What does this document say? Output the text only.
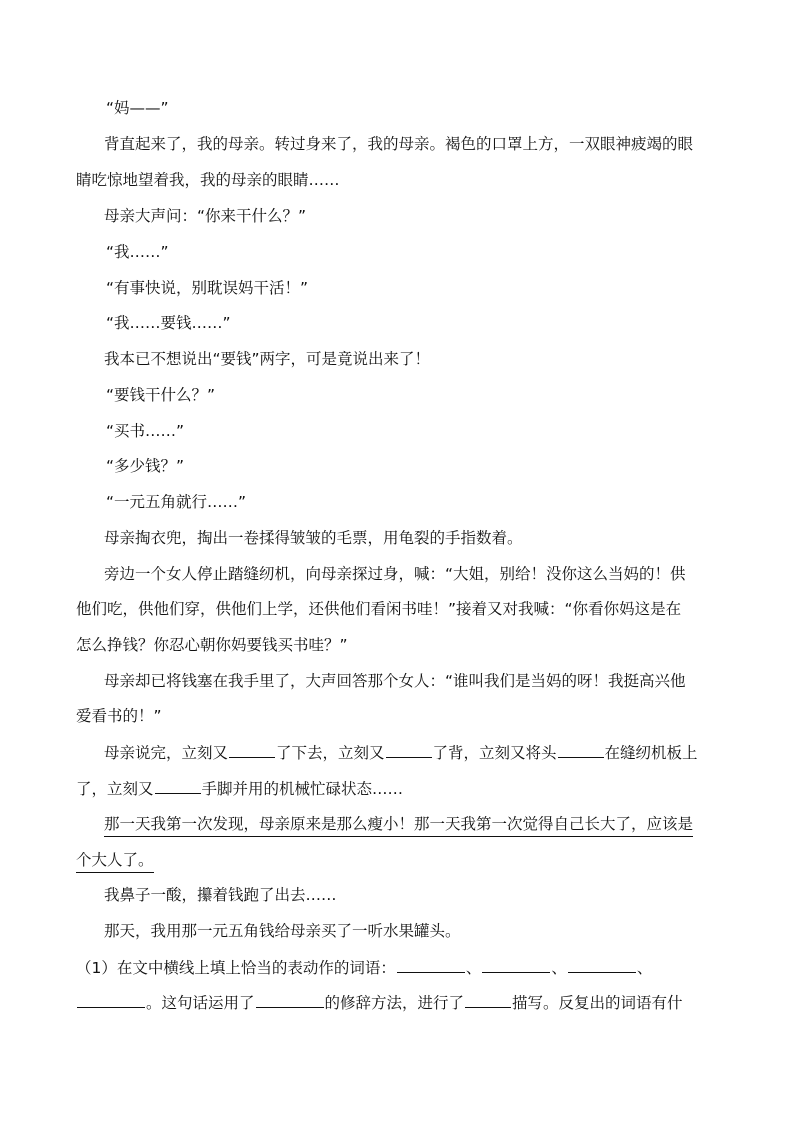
“妈——”
背直起来了，我的母亲。转过身来了，我的母亲。褐色的口罩上方，一双眼神疲竭的眼
睛吃惊地望着我，我的母亲的眼睛……
母亲大声问：“你来干什么？”
“我……”
“有事快说，别耽误妈干活！”
“我……要钱……”
我本已不想说出“要钱”两字，可是竟说出来了！
“要钱干什么？”
“买书……”
“多少钱？”
“一元五角就行……”
母亲掏衣兜，掏出一卷揉得皱皱的毛票，用龟裂的手指数着。
旁边一个女人停止踏缝纫机，向母亲探过身，喊：“大姐，别给！没你这么当妈的！供
他们吃，供他们穿，供他们上学，还供他们看闲书哇！”接着又对我喊：“你看你妈这是在
怎么挣钱？你忍心朝你妈要钱买书哇？”
母亲却已将钱塞在我手里了，大声回答那个女人：“谁叫我们是当妈的呀！我挺高兴他
爱看书的！”
母亲说完，立刻又	了下去，立刻又	了背，立刻又将头	在缝纫机板上
了，立刻又	手脚并用的机械忙碌状态……
那一天我第一次发现，母亲原来是那么瘦小！那一天我第一次觉得自己长大了，应该是
个大人了。
我鼻子一酸，攥着钱跑了出去……
那天，我用那一元五角钱给母亲买了一听水果罐头。
（1）在文中横线上填上恰当的表动作的词语：	、	、	、
。这句话运用了	的修辞方法，进行了	描写。反复出的词语有什
